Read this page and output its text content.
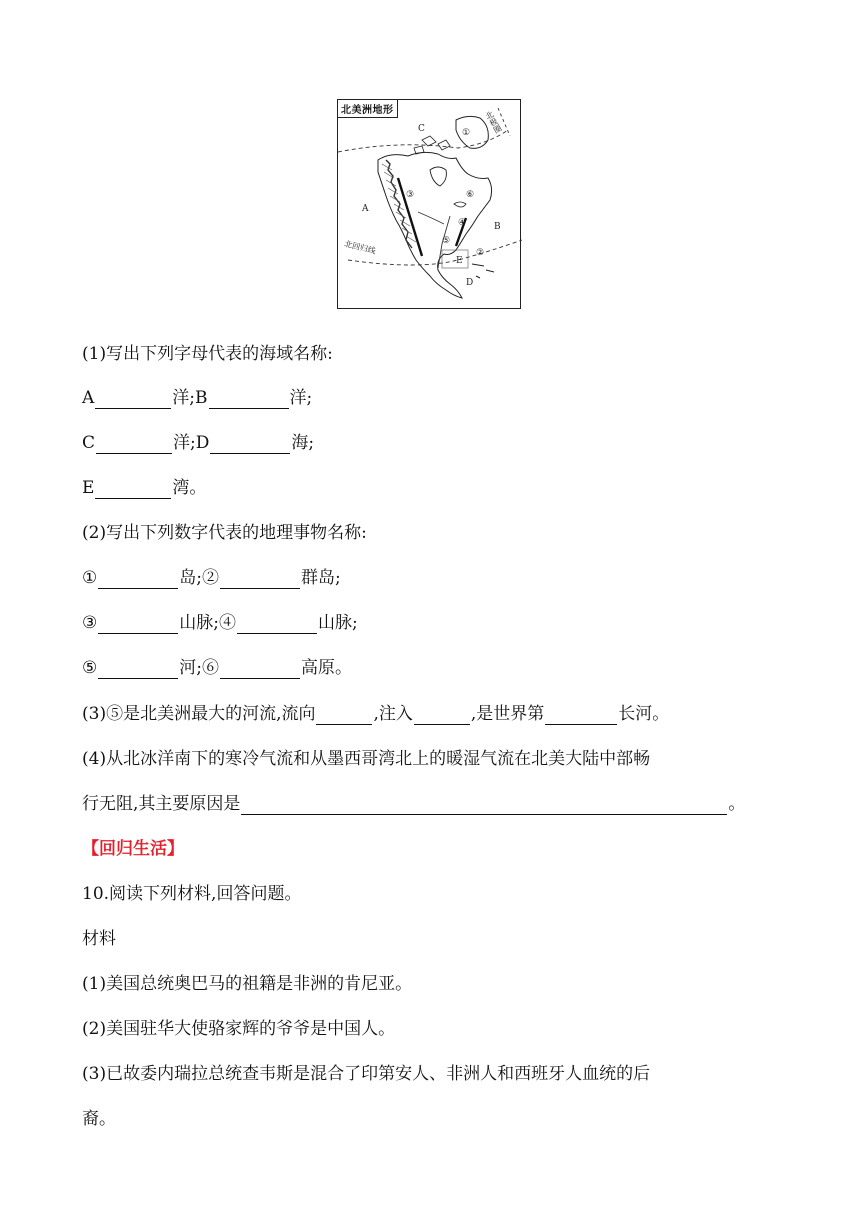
北美洲地形
A
B
C
D
E
①
②
③
④
⑤
⑥
北极圈
北回归线
(1)写出下列字母代表的海域名称:
A	洋;B	洋;
C	洋;D	海;
E	湾。
(2)写出下列数字代表的地理事物名称:
①	岛;②	群岛;
③	山脉;④	山脉;
⑤	河;⑥	高原。
(3)⑤是北美洲最大的河流,流向	,注入	,是世界第	长河。
(4)从北冰洋南下的寒冷气流和从墨西哥湾北上的暖湿气流在北美大陆中部畅
行无阻,其主要原因是	。
【回归生活】
10.阅读下列材料,回答问题。
材料
(1)美国总统奥巴马的祖籍是非洲的肯尼亚。
(2)美国驻华大使骆家辉的爷爷是中国人。
(3)已故委内瑞拉总统查韦斯是混合了印第安人、非洲人和西班牙人血统的后
裔。
